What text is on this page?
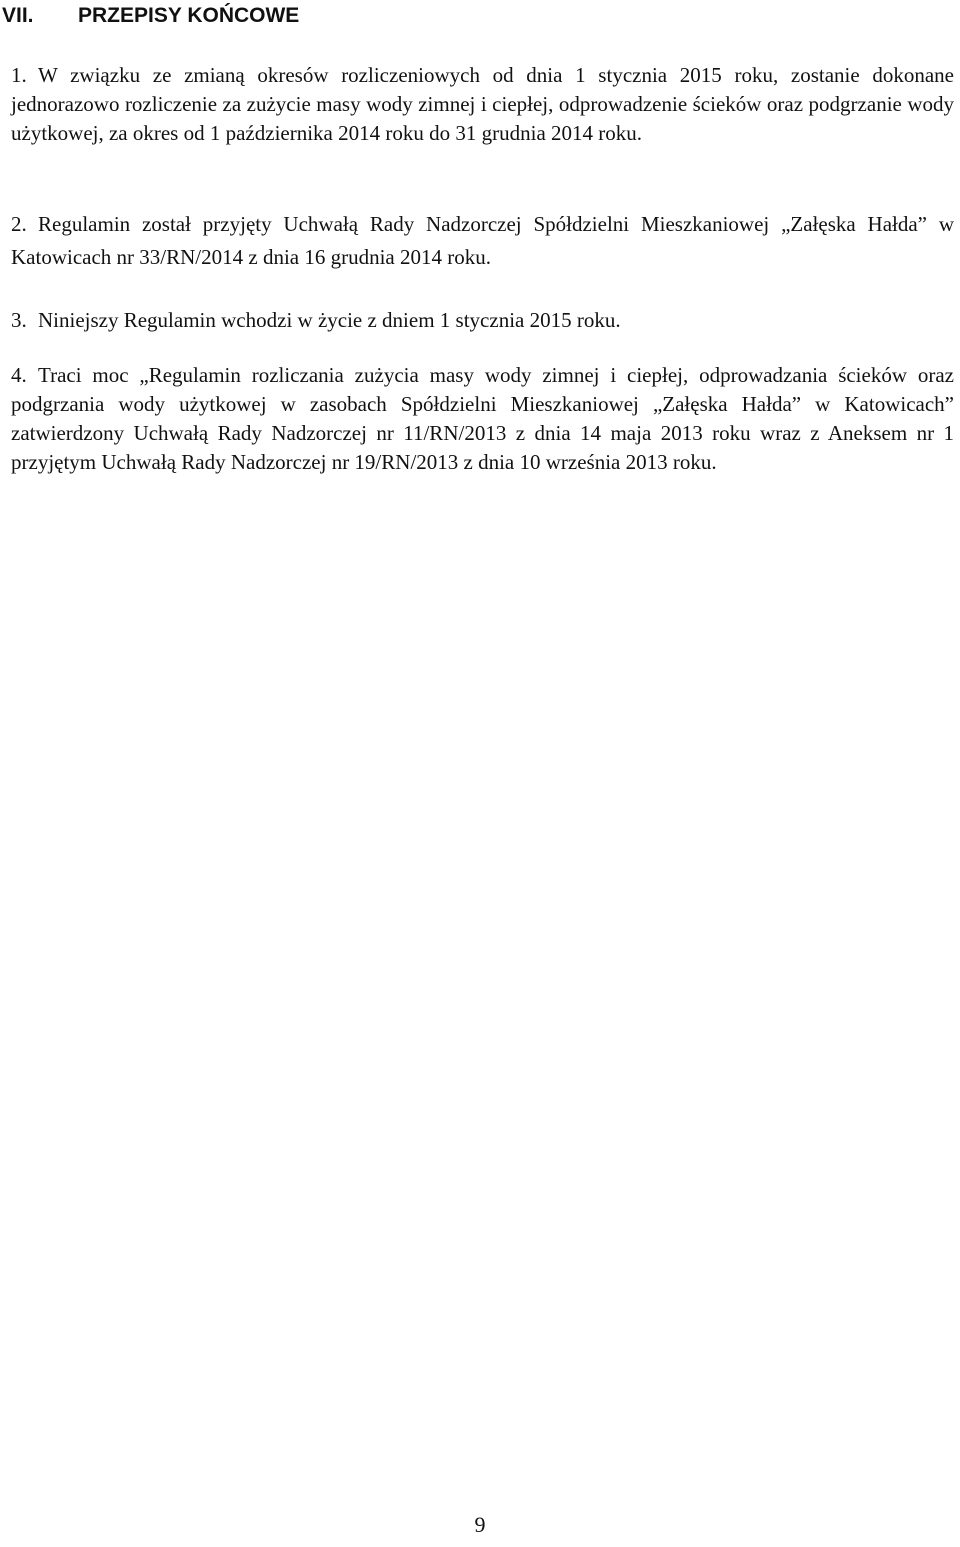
VII. PRZEPISY KOŃCOWE

1. W związku ze zmianą okresów rozliczeniowych od dnia 1 stycznia 2015 roku, zostanie dokonane jednorazowo rozliczenie za zużycie masy wody zimnej i ciepłej, odprowadzenie ścieków oraz podgrzanie wody użytkowej, za okres od 1 października 2014 roku do 31 grudnia 2014 roku.

2. Regulamin został przyjęty Uchwałą Rady Nadzorczej Spółdzielni Mieszkaniowej „Załęska Hałda” w Katowicach nr 33/RN/2014 z dnia 16 grudnia 2014 roku.

3. Niniejszy Regulamin wchodzi w życie z dniem 1 stycznia 2015 roku.

4. Traci moc „Regulamin rozliczania zużycia masy wody zimnej i ciepłej, odprowadzania ścieków oraz podgrzania wody użytkowej w zasobach Spółdzielni Mieszkaniowej „Załęska Hałda” w Katowicach” zatwierdzony Uchwałą Rady Nadzorczej nr 11/RN/2013 z dnia 14 maja 2013 roku wraz z Aneksem nr 1 przyjętym Uchwałą Rady Nadzorczej nr 19/RN/2013 z dnia 10 września 2013 roku.

9
